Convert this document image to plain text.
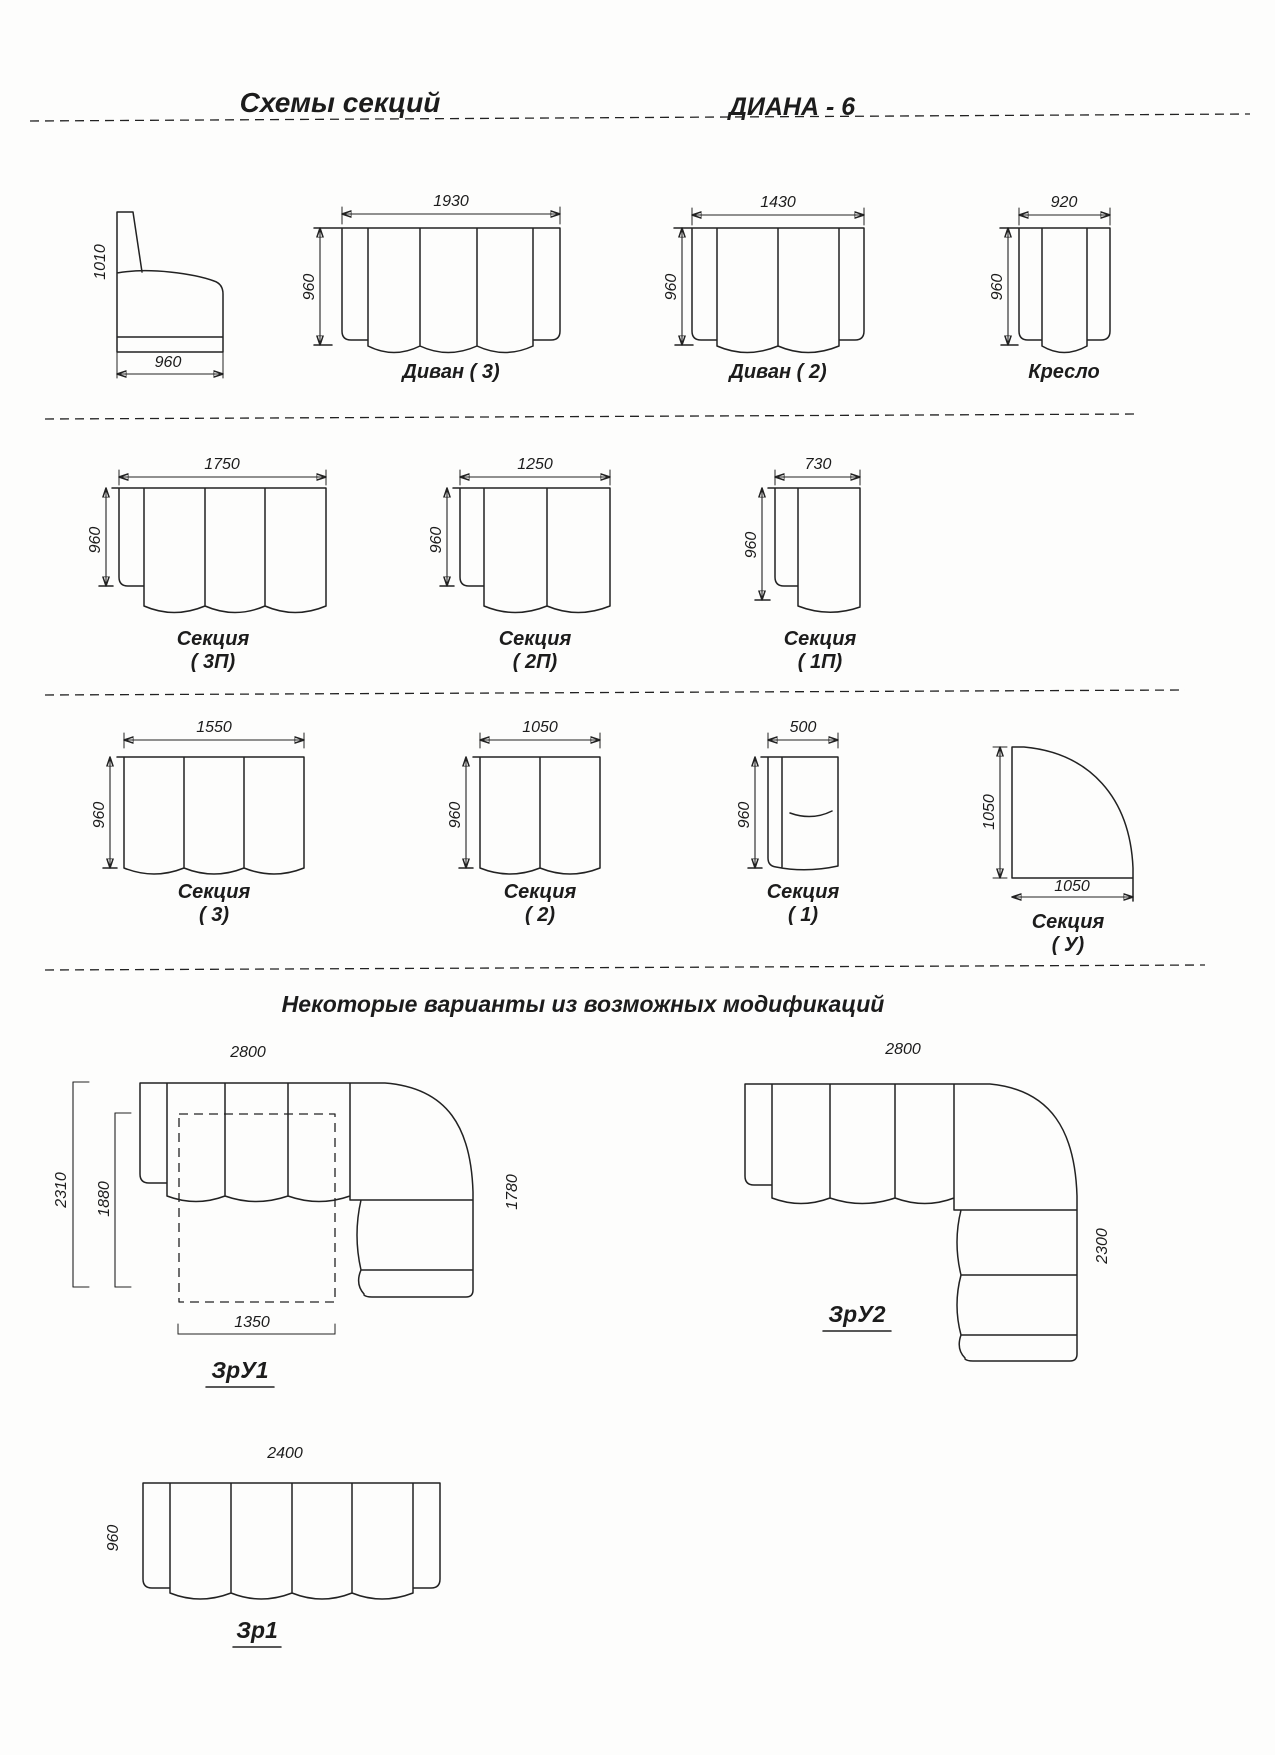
Схемы секций	ДИАНА - 6
960
1010
1930
960
Диван ( 3)
1430
960
Диван ( 2)
920
960
Кресло
1750
960
Секция
( 3П)
1250
960
Секция
( 2П)
730
960
Секция
( 1П)
1550
960
Секция
( 3)
1050
960
Секция
( 2)
500
960
Секция
( 1)
1050
1050
Секция
( У)
Некоторые варианты из возможных модификаций
2800
1350
2310 1880	1780
ЗрУ1
2800
2300
ЗрУ2
2400
960
Зр1
